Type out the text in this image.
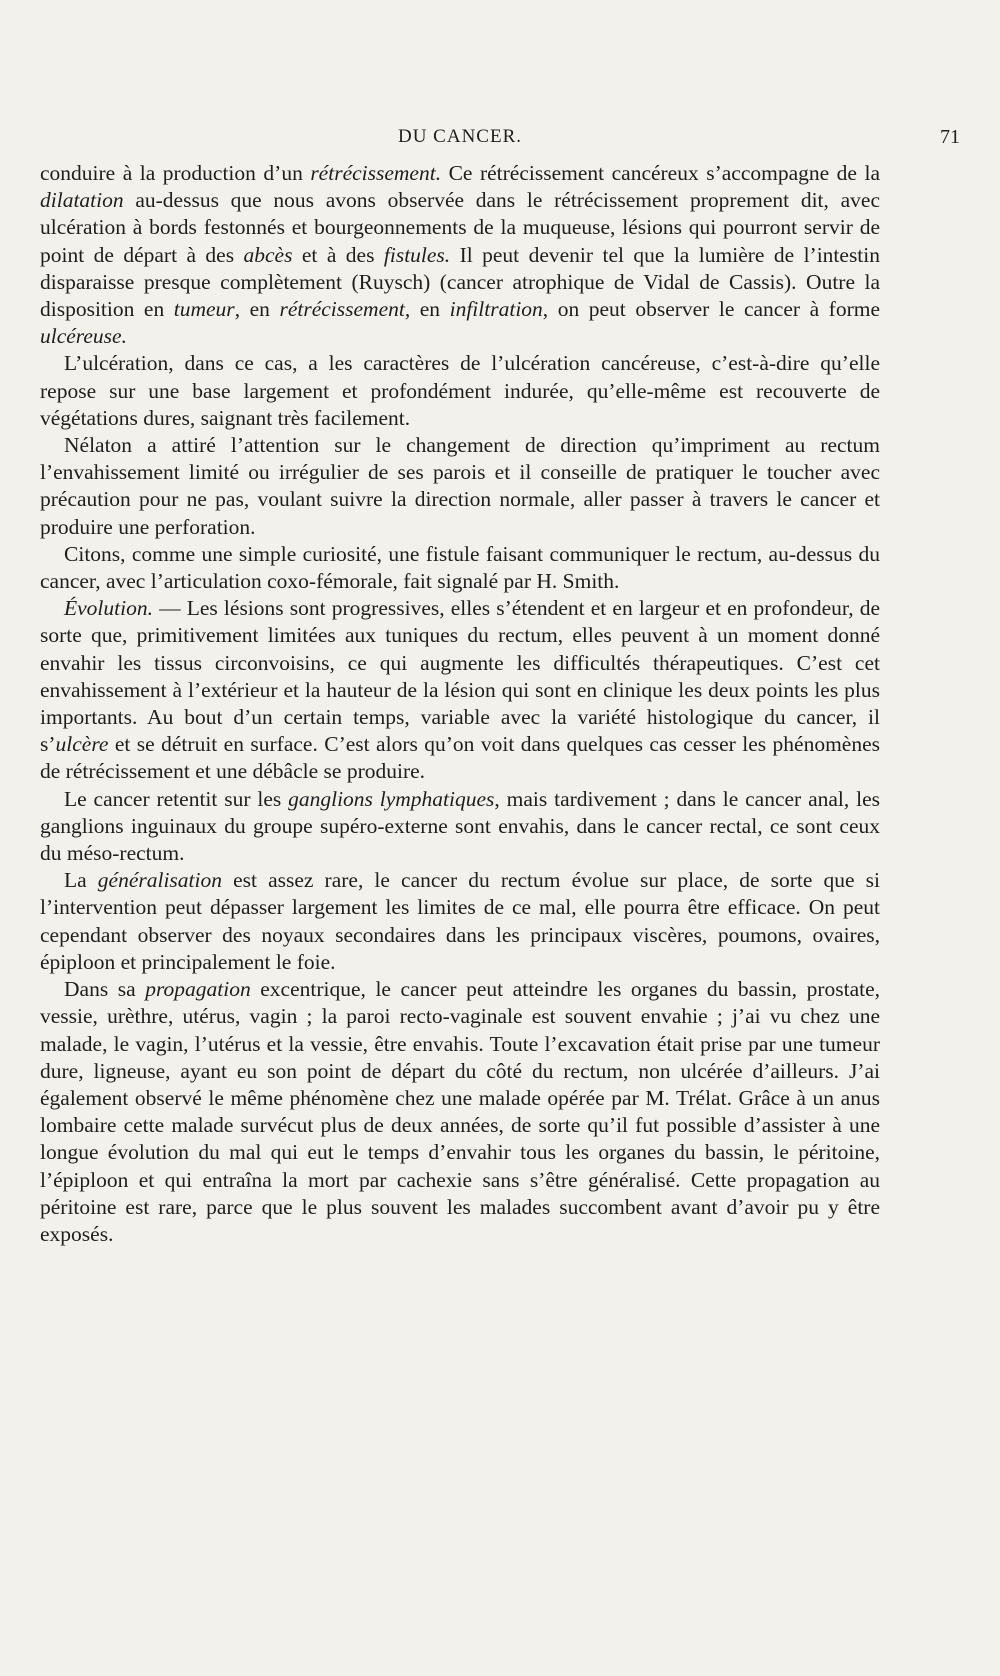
DU CANCER.	71

conduire à la production d’un rétrécissement. Ce rétrécissement cancéreux s’accompagne de la dilatation au-dessus que nous avons observée dans le rétrécissement proprement dit, avec ulcération à bords festonnés et bourgeonnements de la muqueuse, lésions qui pourront servir de point de départ à des abcès et à des fistules. Il peut devenir tel que la lumière de l’intestin disparaisse presque complètement (Ruysch) (cancer atrophique de Vidal de Cassis). Outre la disposition en tumeur, en rétrécissement, en infiltration, on peut observer le cancer à forme ulcéreuse.

L’ulcération, dans ce cas, a les caractères de l’ulcération cancéreuse, c’est-à-dire qu’elle repose sur une base largement et profondément indurée, qu’elle-même est recouverte de végétations dures, saignant très facilement.

Nélaton a attiré l’attention sur le changement de direction qu’impriment au rectum l’envahissement limité ou irrégulier de ses parois et il conseille de pratiquer le toucher avec précaution pour ne pas, voulant suivre la direction normale, aller passer à travers le cancer et produire une perforation.

Citons, comme une simple curiosité, une fistule faisant communiquer le rectum, au-dessus du cancer, avec l’articulation coxo-fémorale, fait signalé par H. Smith.

Évolution. — Les lésions sont progressives, elles s’étendent et en largeur et en profondeur, de sorte que, primitivement limitées aux tuniques du rectum, elles peuvent à un moment donné envahir les tissus circonvoisins, ce qui augmente les difficultés thérapeutiques. C’est cet envahissement à l’extérieur et la hauteur de la lésion qui sont en clinique les deux points les plus importants. Au bout d’un certain temps, variable avec la variété histologique du cancer, il s’ulcère et se détruit en surface. C’est alors qu’on voit dans quelques cas cesser les phénomènes de rétrécissement et une débâcle se produire.

Le cancer retentit sur les ganglions lymphatiques, mais tardivement ; dans le cancer anal, les ganglions inguinaux du groupe supéro-externe sont envahis, dans le cancer rectal, ce sont ceux du méso-rectum.

La généralisation est assez rare, le cancer du rectum évolue sur place, de sorte que si l’intervention peut dépasser largement les limites de ce mal, elle pourra être efficace. On peut cependant observer des noyaux secondaires dans les principaux viscères, poumons, ovaires, épiploon et principalement le foie.

Dans sa propagation excentrique, le cancer peut atteindre les organes du bassin, prostate, vessie, urèthre, utérus, vagin ; la paroi recto-vaginale est souvent envahie ; j’ai vu chez une malade, le vagin, l’utérus et la vessie, être envahis. Toute l’excavation était prise par une tumeur dure, ligneuse, ayant eu son point de départ du côté du rectum, non ulcérée d’ailleurs. J’ai également observé le même phénomène chez une malade opérée par M. Trélat. Grâce à un anus lombaire cette malade survécut plus de deux années, de sorte qu’il fut possible d’assister à une longue évolution du mal qui eut le temps d’envahir tous les organes du bassin, le péritoine, l’épiploon et qui entraîna la mort par cachexie sans s’être généralisé. Cette propagation au péritoine est rare, parce que le plus souvent les malades succombent avant d’avoir pu y être exposés.
